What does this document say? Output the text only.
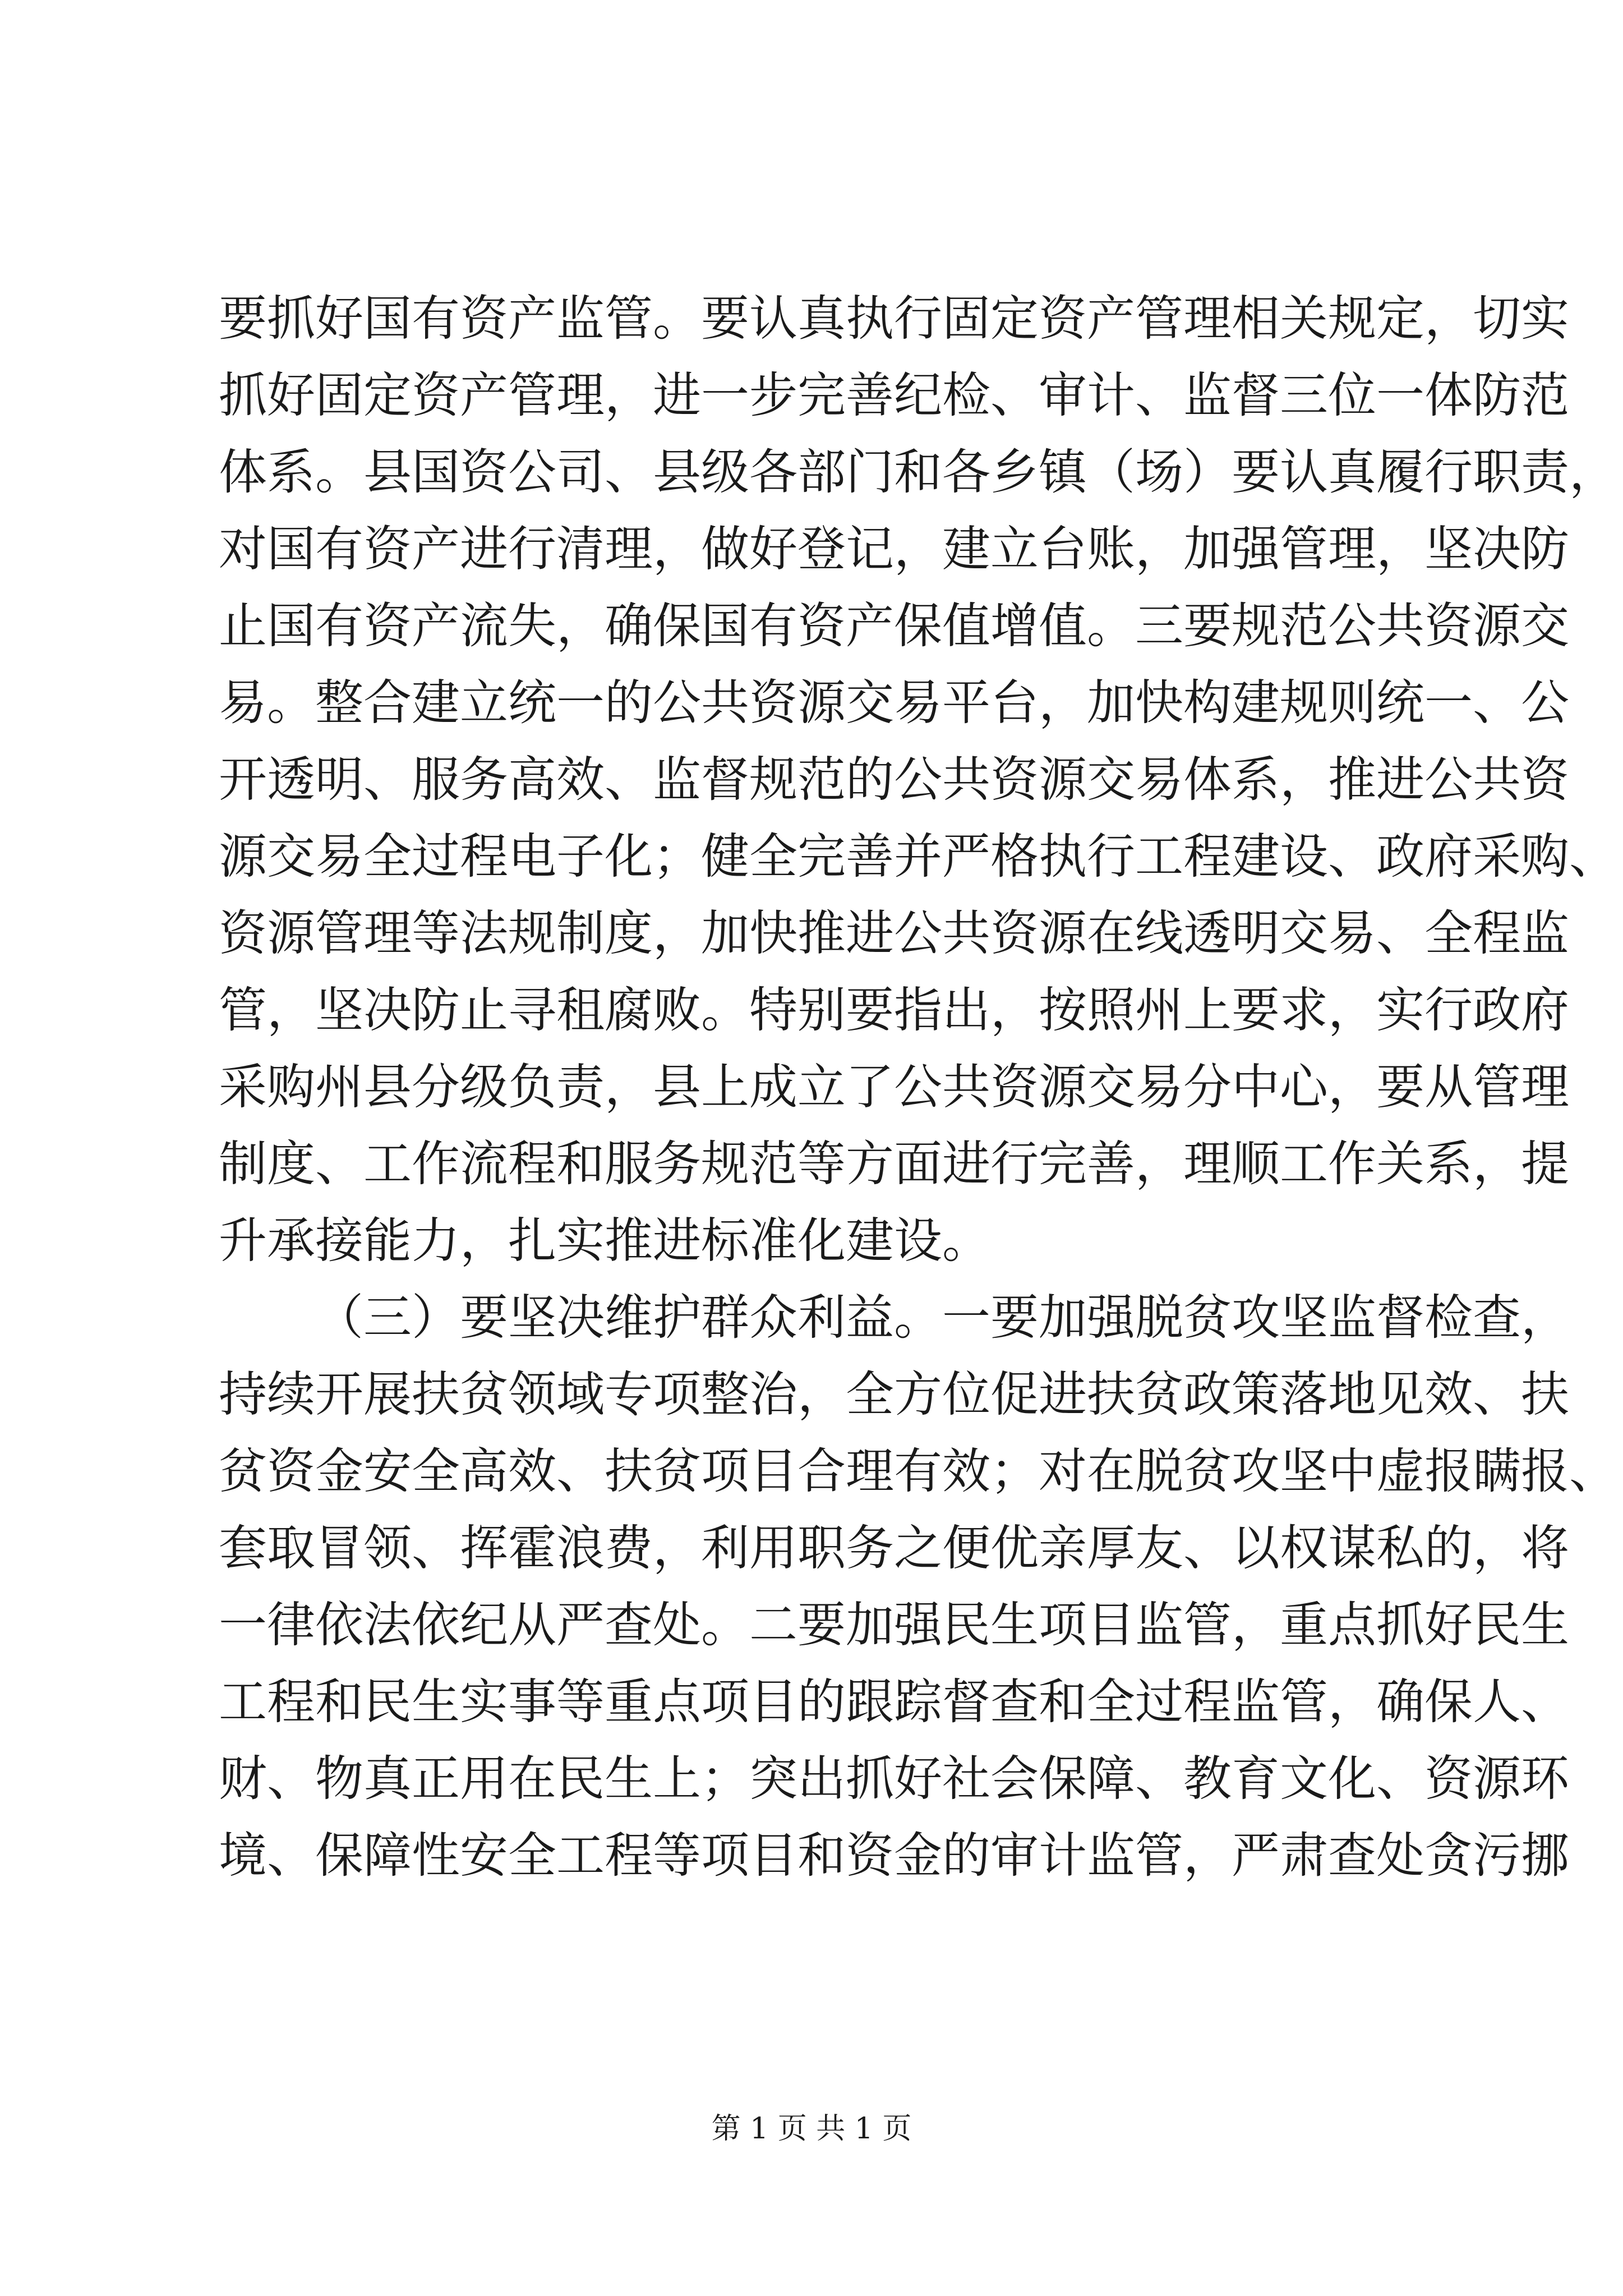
要抓好国有资产监管。要认真执行固定资产管理相关规定，切实
抓好固定资产管理，进一步完善纪检、审计、监督三位一体防范
体系。县国资公司、县级各部门和各乡镇（场）要认真履行职责，
对国有资产进行清理，做好登记，建立台账，加强管理，坚决防
止国有资产流失，确保国有资产保值增值。三要规范公共资源交
易。整合建立统一的公共资源交易平台，加快构建规则统一、公
开透明、服务高效、监督规范的公共资源交易体系，推进公共资
源交易全过程电子化；健全完善并严格执行工程建设、政府采购、
资源管理等法规制度，加快推进公共资源在线透明交易、全程监
管，坚决防止寻租腐败。特别要指出，按照州上要求，实行政府
采购州县分级负责，县上成立了公共资源交易分中心，要从管理
制度、工作流程和服务规范等方面进行完善，理顺工作关系，提
升承接能力，扎实推进标准化建设。
（三）要坚决维护群众利益。一要加强脱贫攻坚监督检查，
持续开展扶贫领域专项整治，全方位促进扶贫政策落地见效、扶
贫资金安全高效、扶贫项目合理有效；对在脱贫攻坚中虚报瞒报、
套取冒领、挥霍浪费，利用职务之便优亲厚友、以权谋私的，将
一律依法依纪从严查处。二要加强民生项目监管，重点抓好民生
工程和民生实事等重点项目的跟踪督查和全过程监管，确保人、
财、物真正用在民生上；突出抓好社会保障、教育文化、资源环
境、保障性安全工程等项目和资金的审计监管，严肃查处贪污挪
第 1 页 共 1 页
